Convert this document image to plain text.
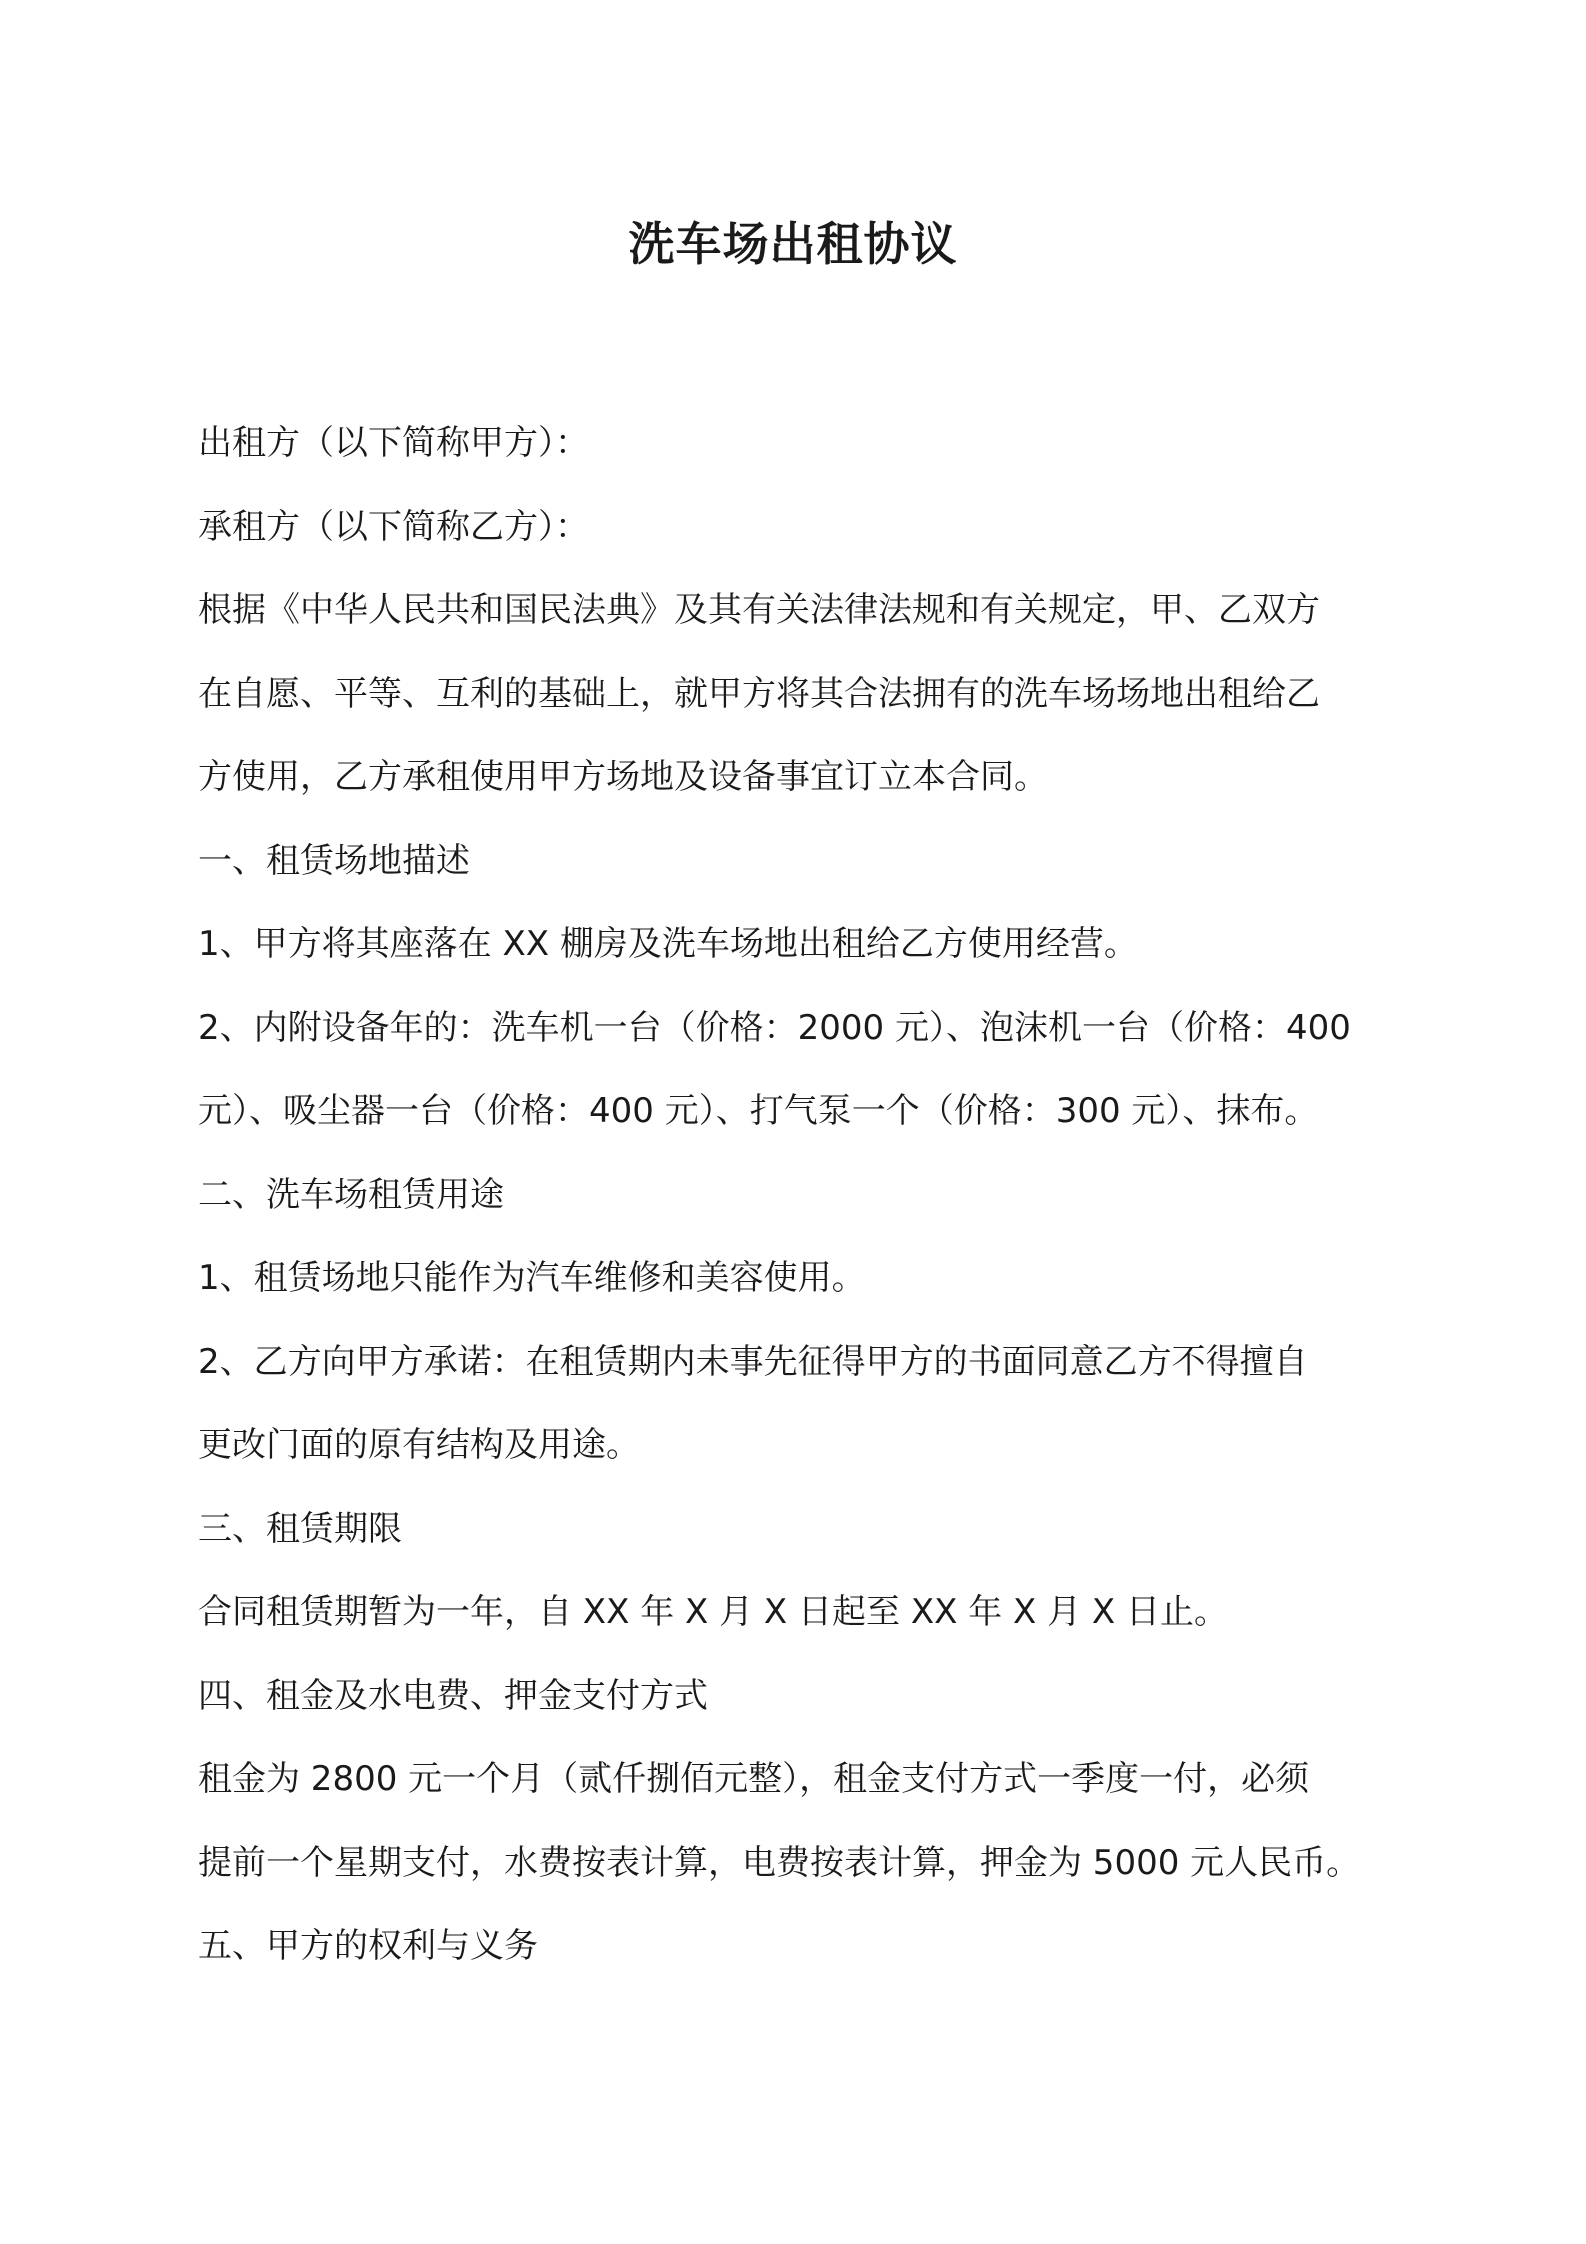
洗车场出租协议
出租方（以下简称甲方）：
承租方（以下简称乙方）：
根据《中华人民共和国民法典》及其有关法律法规和有关规定，甲、乙双方
在自愿、平等、互利的基础上，就甲方将其合法拥有的洗车场场地出租给乙
方使用，乙方承租使用甲方场地及设备事宜订立本合同。
一、租赁场地描述
1、甲方将其座落在 XX 棚房及洗车场地出租给乙方使用经营。
2、内附设备年的：洗车机一台（价格：2000 元）、泡沫机一台（价格：400
元）、吸尘器一台（价格：400 元）、打气泵一个（价格：300 元）、抹布。
二、洗车场租赁用途
1、租赁场地只能作为汽车维修和美容使用。
2、乙方向甲方承诺：在租赁期内未事先征得甲方的书面同意乙方不得擅自
更改门面的原有结构及用途。
三、租赁期限
合同租赁期暂为一年，自 XX 年 X 月 X 日起至 XX 年 X 月 X 日止。
四、租金及水电费、押金支付方式
租金为 2800 元一个月（贰仟捌佰元整），租金支付方式一季度一付，必须
提前一个星期支付，水费按表计算，电费按表计算，押金为 5000 元人民币。
五、甲方的权利与义务
